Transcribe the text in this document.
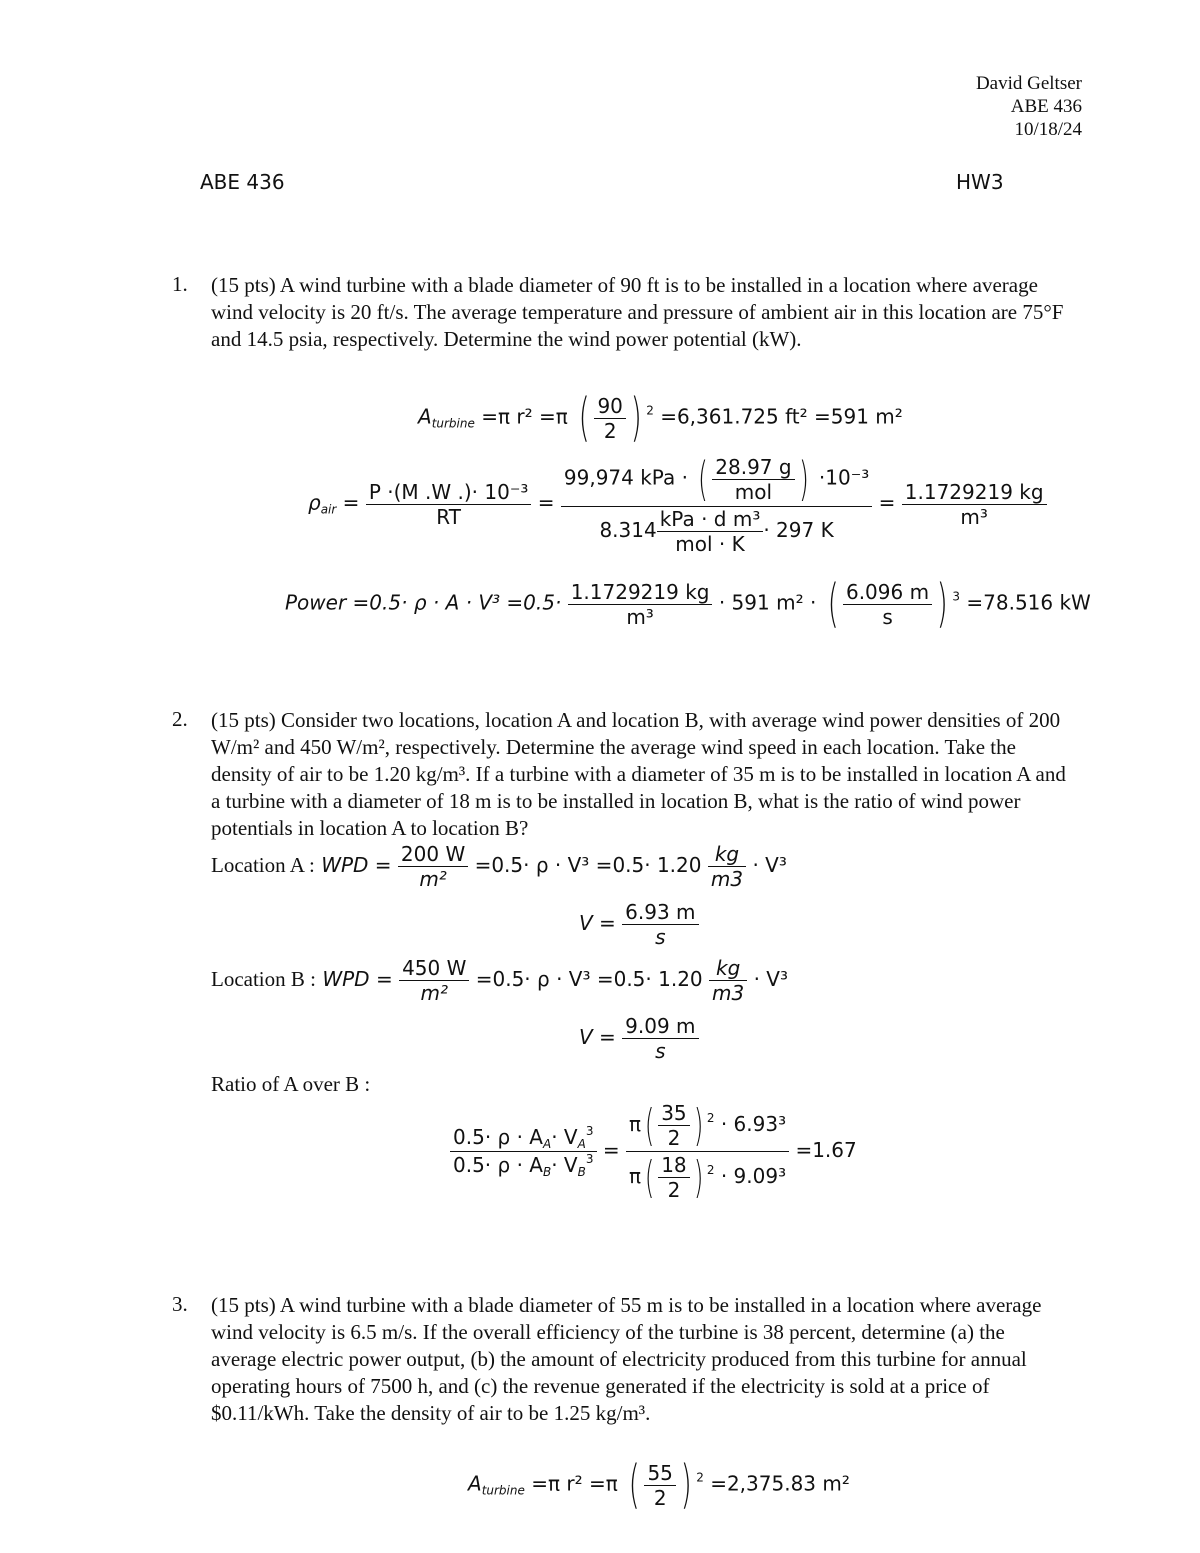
David Geltser
ABE 436
10/18/24
ABE 436	HW3
1. (15 pts) A wind turbine with a blade diameter of 90 ft is to be installed in a location where average wind velocity is 20 ft/s. The average temperature and pressure of ambient air in this location are 75°F and 14.5 psia, respectively. Determine the wind power potential (kW).
$A_{turbine} =\pi$ r² =π ( $\frac{90}{2}$ ) $^2$ =6,361.725 ft² =591 m²
$\rho_{air} = \frac{\text{P ·(M .W .)· 10⁻³}}{RT} = \frac{99,974 kPa \cdot ( \frac{28.97 g}{\text{mol}} ) \cdot 10^{-3}}{8.314 \frac{\text{kPa · d m³}}{\text{mol · K}} \cdot 297 K} = \frac{1.1729219 kg}{\text{m³}}$
Power $=0.5\cdot \rho \cdot A \cdot V^3 =0.5\cdot \frac{1.1729219 kg}{\text{m³}} \cdot 591$ m² · ( $\frac{6.096 m}{s}$ ) $^3$ =78.516 kW
2. (15 pts) Consider two locations, location A and location B, with average wind power densities of 200 W/m² and 450 W/m², respectively. Determine the average wind speed in each location. Take the density of air to be 1.20 kg/m³. If a turbine with a diameter of 35 m is to be installed in location A and a turbine with a diameter of 18 m is to be installed in location B, what is the ratio of wind power potentials in location A to location B?
Location A : WPD = $\frac{200 W}{\text{m²}} =0.5\cdot \rho \cdot V^3 =0.5\cdot 1.20 \frac{kg}{m3} \cdot V^3$
$V = \frac{6.93 m}{s}$
Location B : WPD = $\frac{450 W}{\text{m²}} =0.5\cdot \rho \cdot V^3 =0.5\cdot 1.20 \frac{kg}{m3} \cdot V^3$
$V = \frac{9.09 m}{s}$
Ratio of A over B :
$\frac{0.5\cdot \rho \cdot A_A\cdot V_A^3}{0.5\cdot \rho \cdot A_B\cdot V_B^3} = \frac{\pi( \frac{35}{2} ) ^2 \cdot 6.93^3}{\pi( \frac{18}{2} ) ^2 \cdot 9.09^3} =1.67$
3. (15 pts) A wind turbine with a blade diameter of 55 m is to be installed in a location where average wind velocity is 6.5 m/s. If the overall efficiency of the turbine is 38 percent, determine (a) the average electric power output, (b) the amount of electricity produced from this turbine for annual operating hours of 7500 h, and (c) the revenue generated if the electricity is sold at a price of $0.11/kWh. Take the density of air to be 1.25 kg/m³.
$A_{turbine} =\pi$ r² =π ( $\frac{55}{2}$ ) $^2$ =2,375.83 m²
